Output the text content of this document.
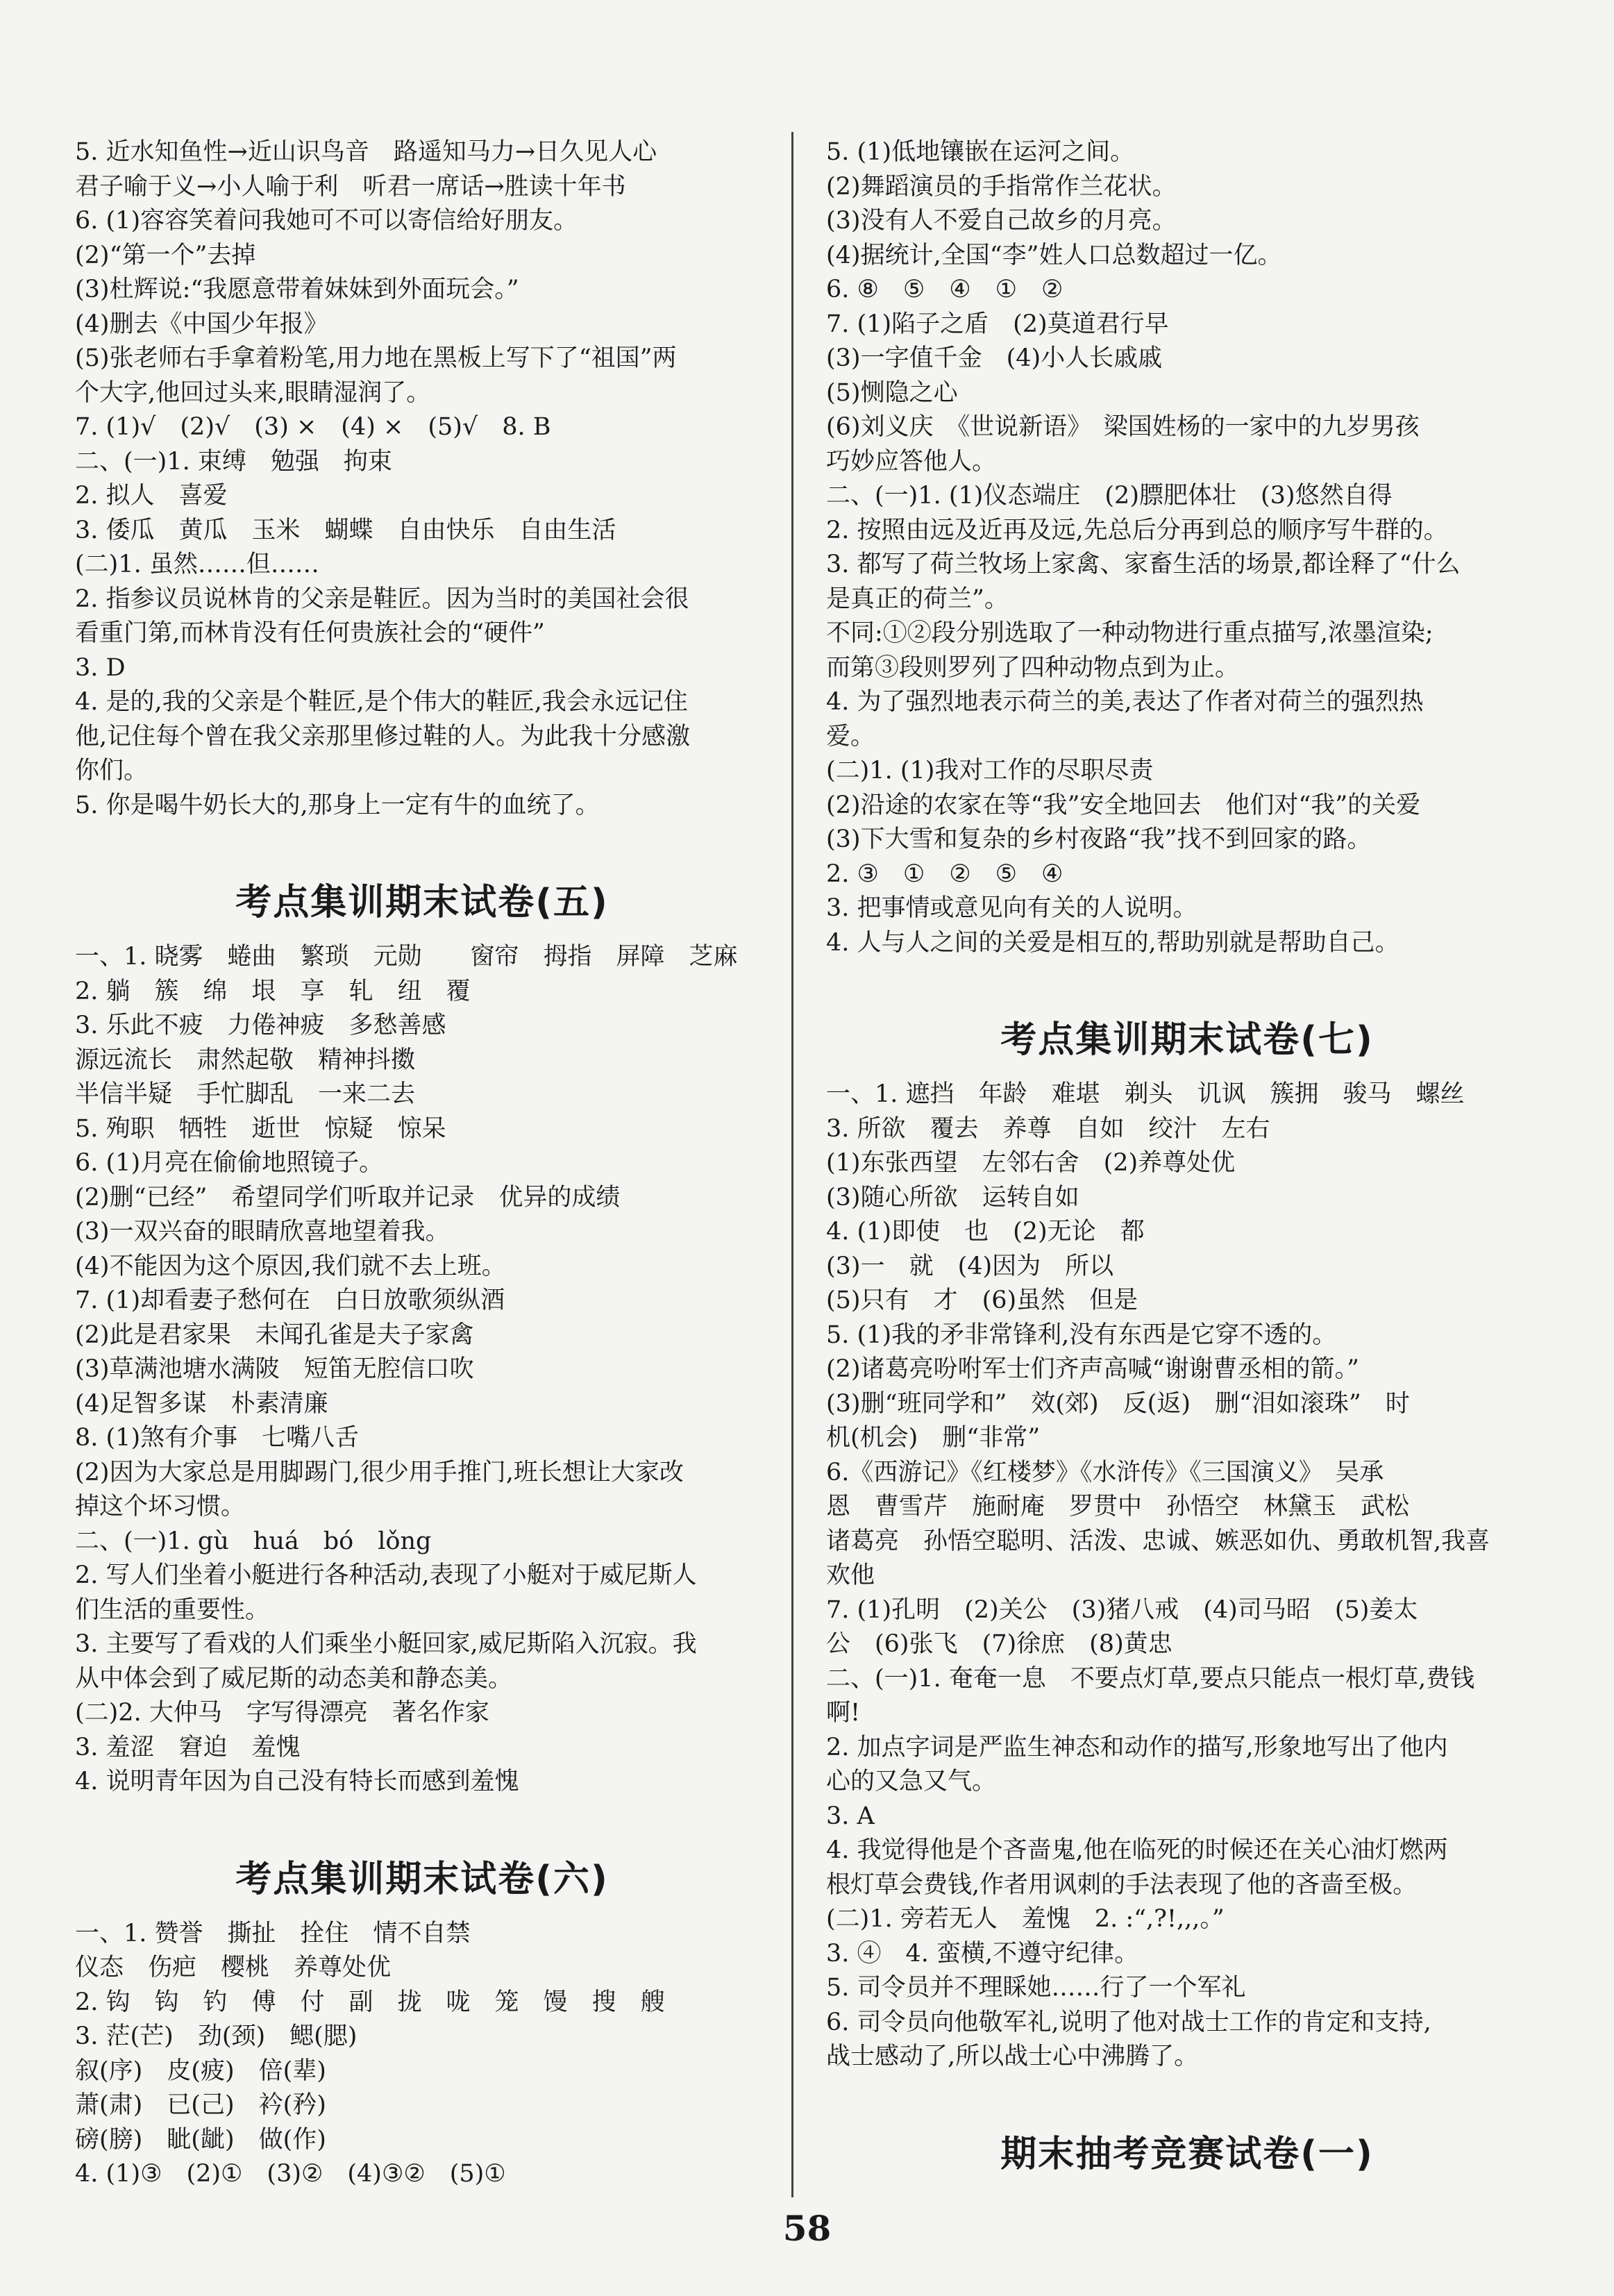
5. 近水知鱼性→近山识鸟音　路遥知马力→日久见人心
君子喻于义→小人喻于利　听君一席话→胜读十年书
6. (1)容容笑着问我她可不可以寄信给好朋友。
(2)“第一个”去掉
(3)杜辉说:“我愿意带着妹妹到外面玩会。”
(4)删去《中国少年报》
(5)张老师右手拿着粉笔,用力地在黑板上写下了“祖国”两
个大字,他回过头来,眼睛湿润了。
7. (1)√　(2)√　(3) ×　(4) ×　(5)√　8. B
二、(一)1. 束缚　勉强　拘束
2. 拟人　喜爱
3. 倭瓜　黄瓜　玉米　蝴蝶　自由快乐　自由生活
(二)1. 虽然……但……
2. 指参议员说林肯的父亲是鞋匠。因为当时的美国社会很
看重门第,而林肯没有任何贵族社会的“硬件”
3. D
4. 是的,我的父亲是个鞋匠,是个伟大的鞋匠,我会永远记住
他,记住每个曾在我父亲那里修过鞋的人。为此我十分感激
你们。
5. 你是喝牛奶长大的,那身上一定有牛的血统了。
考点集训期末试卷(五)
一、1. 晓雾　蜷曲　繁琐　元勋　　窗帘　拇指　屏障　芝麻
2. 躺　簇　绵　垠　享　轧　纽　覆
3. 乐此不疲　力倦神疲　多愁善感
源远流长　肃然起敬　精神抖擞
半信半疑　手忙脚乱　一来二去
5. 殉职　牺牲　逝世　惊疑　惊呆
6. (1)月亮在偷偷地照镜子。
(2)删“已经”　希望同学们听取并记录　优异的成绩
(3)一双兴奋的眼睛欣喜地望着我。
(4)不能因为这个原因,我们就不去上班。
7. (1)却看妻子愁何在　白日放歌须纵酒
(2)此是君家果　未闻孔雀是夫子家禽
(3)草满池塘水满陂　短笛无腔信口吹
(4)足智多谋　朴素清廉
8. (1)煞有介事　七嘴八舌
(2)因为大家总是用脚踢门,很少用手推门,班长想让大家改
掉这个坏习惯。
二、(一)1. gù　huá　bó　lǒng
2. 写人们坐着小艇进行各种活动,表现了小艇对于威尼斯人
们生活的重要性。
3. 主要写了看戏的人们乘坐小艇回家,威尼斯陷入沉寂。我
从中体会到了威尼斯的动态美和静态美。
(二)2. 大仲马　字写得漂亮　著名作家
3. 羞涩　窘迫　羞愧
4. 说明青年因为自己没有特长而感到羞愧
考点集训期末试卷(六)
一、1. 赞誉　撕扯　拴住　情不自禁
仪态　伤疤　樱桃　养尊处优
2. 钩　钩　钓　傅　付　副　拢　咙　笼　馒　搜　艘
3. 茫(芒)　劲(颈)　鳃(腮)
叙(序)　皮(疲)　倍(辈)
萧(肃)　已(己)　衿(矜)
磅(膀)　眦(龇)　做(作)
4. (1)③　(2)①　(3)②　(4)③②　(5)①
5. (1)低地镶嵌在运河之间。
(2)舞蹈演员的手指常作兰花状。
(3)没有人不爱自己故乡的月亮。
(4)据统计,全国“李”姓人口总数超过一亿。
6. ⑧　⑤　④　①　②
7. (1)陷子之盾　(2)莫道君行早
(3)一字值千金　(4)小人长戚戚
(5)恻隐之心
(6)刘义庆　《世说新语》　梁国姓杨的一家中的九岁男孩
巧妙应答他人。
二、(一)1. (1)仪态端庄　(2)膘肥体壮　(3)悠然自得
2. 按照由远及近再及远,先总后分再到总的顺序写牛群的。
3. 都写了荷兰牧场上家禽、家畜生活的场景,都诠释了“什么
是真正的荷兰”。
不同:①②段分别选取了一种动物进行重点描写,浓墨渲染;
而第③段则罗列了四种动物点到为止。
4. 为了强烈地表示荷兰的美,表达了作者对荷兰的强烈热
爱。
(二)1. (1)我对工作的尽职尽责
(2)沿途的农家在等“我”安全地回去　他们对“我”的关爱
(3)下大雪和复杂的乡村夜路“我”找不到回家的路。
2. ③　①　②　⑤　④
3. 把事情或意见向有关的人说明。
4. 人与人之间的关爱是相互的,帮助别就是帮助自己。
考点集训期末试卷(七)
一、1. 遮挡　年龄　难堪　剃头　讥讽　簇拥　骏马　螺丝
3. 所欲　覆去　养尊　自如　绞汁　左右
(1)东张西望　左邻右舍　(2)养尊处优
(3)随心所欲　运转自如
4. (1)即使　也　(2)无论　都
(3)一　就　(4)因为　所以
(5)只有　才　(6)虽然　但是
5. (1)我的矛非常锋利,没有东西是它穿不透的。
(2)诸葛亮吩咐军士们齐声高喊“谢谢曹丞相的箭。”
(3)删“班同学和”　效(郊)　反(返)　删“泪如滚珠”　时
机(机会)　删“非常”
6.《西游记》《红楼梦》《水浒传》《三国演义》　吴承
恩　曹雪芹　施耐庵　罗贯中　孙悟空　林黛玉　武松
诸葛亮　孙悟空聪明、活泼、忠诚、嫉恶如仇、勇敢机智,我喜
欢他
7. (1)孔明　(2)关公　(3)猪八戒　(4)司马昭　(5)姜太
公　(6)张飞　(7)徐庶　(8)黄忠
二、(一)1. 奄奄一息　不要点灯草,要点只能点一根灯草,费钱
啊!
2. 加点字词是严监生神态和动作的描写,形象地写出了他内
心的又急又气。
3. A
4. 我觉得他是个吝啬鬼,他在临死的时候还在关心油灯燃两
根灯草会费钱,作者用讽刺的手法表现了他的吝啬至极。
(二)1. 旁若无人　羞愧　2. :“,?!,,,。”
3. ④　4. 蛮横,不遵守纪律。
5. 司令员并不理睬她……行了一个军礼
6. 司令员向他敬军礼,说明了他对战士工作的肯定和支持,
战士感动了,所以战士心中沸腾了。
期末抽考竞赛试卷(一)
58
